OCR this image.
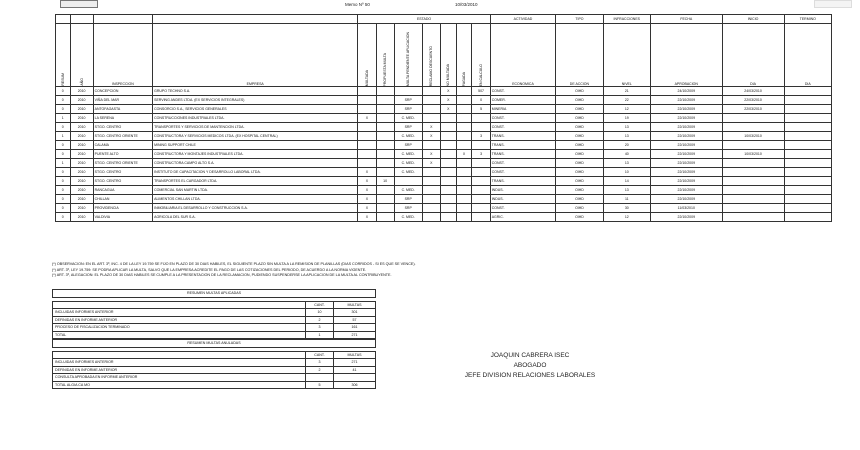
Memo Nº 50	10/03/2010
				ESTADO							ACTIVIDAD	TIPO	INFRACCIONES	FECHA	INICIO	TERMINO

RESUM	AÑO	INSPECCION	EMPRESA	MULTADA	PROPUESTA MULTA	MULTA PENDIENTE APLICACION	RECLAMO DESCUENTO	NO MULTADA	PAGADA	EN CALCULO	ECONOMICA	DE ACCION	NIVEL	APROBACION	DIA	DIA
0	2010	CONCEPCION	GRUPO TECHNO S.A.					X		507	CONST.	OIHD	21	24/10/2009	24/03/2010	
0	2010	VIÑA DEL MAR	SERVING ANDES LTDA. (EX SERVICIOS INTEGRALES)			SRP		X		0	COMER.	OIHD	22	22/10/2009	22/03/2010	
0	2010	ANTOFAGASTA	CONSORCIO S.A., SERVICIOS GENERALES			SRP		X		5	MINERIA	OIHD	12	22/10/2009	22/03/2010	
1	2010	LA SERENA	CONSTRUCCIONES INDUSTRIALES LTDA.	X		C. MED.					CONST.	OIHD	19	22/10/2009		
0	2010	STGO. CENTRO	TRANSPORTES Y SERVICIOS DE MANTENCION LTDA.			SRP	X				CONST.	OIHD	13	22/10/2009		
1	2010	STGO. CENTRO ORIENTE	CONSTRUCTORA Y SERVICIOS MEDICOS LTDA. (EX HOSPITAL CENTRAL)			C. MED.	X			3	TRANS.	OIHD	13	22/10/2009	10/03/2010	
0	2010	CALAMA	MINING SUPPORT CHILE			SRP					TRANS.	OIHD	20	22/10/2009		
0	2010	PUENTE ALTO	CONSTRUCTORA Y MONTAJES INDUSTRIALES LTDA.			C. MED.	X		X	3	TRANS.	OIHD	40	22/10/2009	10/03/2010	
1	2010	STGO. CENTRO ORIENTE	CONSTRUCTORA CAMPO ALTO S.A.			C. MED.	X				CONST.	OIHD	13	22/10/2009		
0	2010	STGO. CENTRO	INSTITUTO DE CAPACITACION Y DESARROLLO LABORAL LTDA.	X		C. MED.					CONST.	OIHD	10	22/10/2009		
0	2010	STGO. CENTRO	TRANSPORTES EL CARGADOR LTDA.	X	10						TRANS.	OIHD	14	22/10/2009		
0	2010	RANCAGUA	COMERCIAL SAN MARTIN LTDA.	X		C. MED.					INDUS.	OIHD	13	22/10/2009		
0	2010	CHILLAN	ALIMENTOS CHILLAN LTDA.	X		SRP					INDUS.	OIHD	11	22/10/2009		
0	2010	PROVIDENCIA	INMOBILIARIA EL DESARROLLO Y CONSTRUCCION S.A.	X		SRP					CONST.	OIHD	30	11/03/2010		
0	2010	VALDIVIA	AGRICOLA DEL SUR S.A.	X		C. MED.					AGRIC.	OIHD	12	22/10/2009		
(*) OBSERVACION: EN EL ART. 3º, INC. 4 DE LA LEY 19.759 SE FIJO EN PLAZO DE 30 DIAS HABILES, EL SIGUIENTE PLAZO SIN MULTA A LA REMISION DE PLANILLAS (DIAS CORRIDOS - SI ES QUE SE VENCE).
(*) ART. 3º, LEY 19.759: SE PODRA APLICAR LA MULTA, SALVO QUE LA EMPRESA ACREDITE EL PAGO DE LAS COTIZACIONES DEL PERIODO, DE ACUERDO A LA NORMA VIGENTE.
(*) ART. 3º, ALEGACION: EL PLAZO DE 30 DIAS HABILES SE CUMPLE A LA PRESENTACION DE LA RECLAMACION, PUDIENDO SUSPENDERSE LA APLICACION DE LA MULTA AL CONTRIBUYENTE.
RESUMEN MULTAS APLICADAS		

	CANT.	MULTAS
INCLUIDAS INFORMES ANTERIOR	10	301
DEFINIDAS EN INFORME ANTERIOR	2	57
PROCESO DE FISCALIZACION TERMINADO	3	161
TOTAL	1	271
RESUMEN MULTAS ANULADAS		

	CANT.	MULTAS
INCLUIDAS INFORMES ANTERIOR	3	271
DEFINIDAS EN INFORME ANTERIOR	2	41
CONSULTA APROBADA EN INFORME ANTERIOR		
TOTAL ALGIA CA MO	5	306
JOAQUIN CABRERA ISEC
ABOGADO
JEFE DIVISION RELACIONES LABORALES
